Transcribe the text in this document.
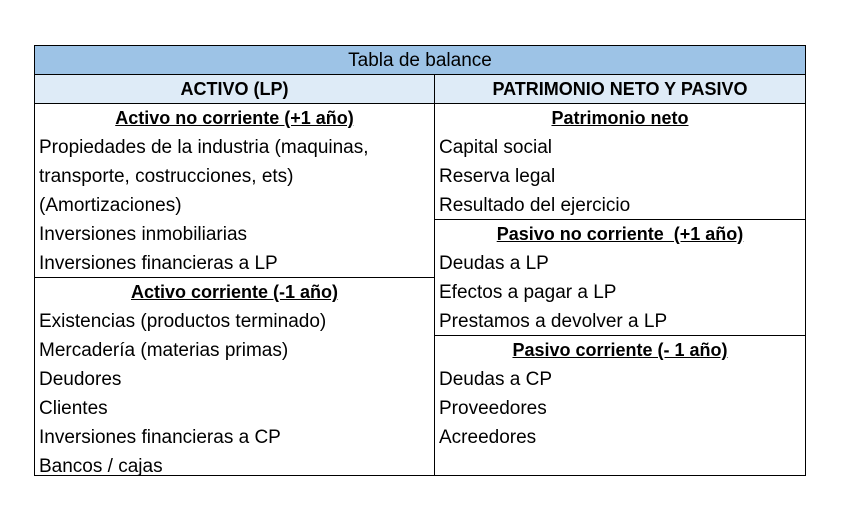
Tabla de balance
ACTIVO (LP)	PATRIMONIO NETO Y PASIVO
Activo no corriente (+1 año)
Propiedades de la industria (maquinas,
transporte, costrucciones, ets)
(Amortizaciones)
Inversiones inmobiliarias
Inversiones financieras a LP
Activo corriente (-1 año)
Existencias (productos terminado)
Mercadería (materias primas)
Deudores
Clientes
Inversiones financieras a CP
Bancos / cajas
Patrimonio neto
Capital social
Reserva legal
Resultado del ejercicio
Pasivo no corriente  (+1 año)
Deudas a LP
Efectos a pagar a LP
Prestamos a devolver a LP
Pasivo corriente (- 1 año)
Deudas a CP
Proveedores
Acreedores
